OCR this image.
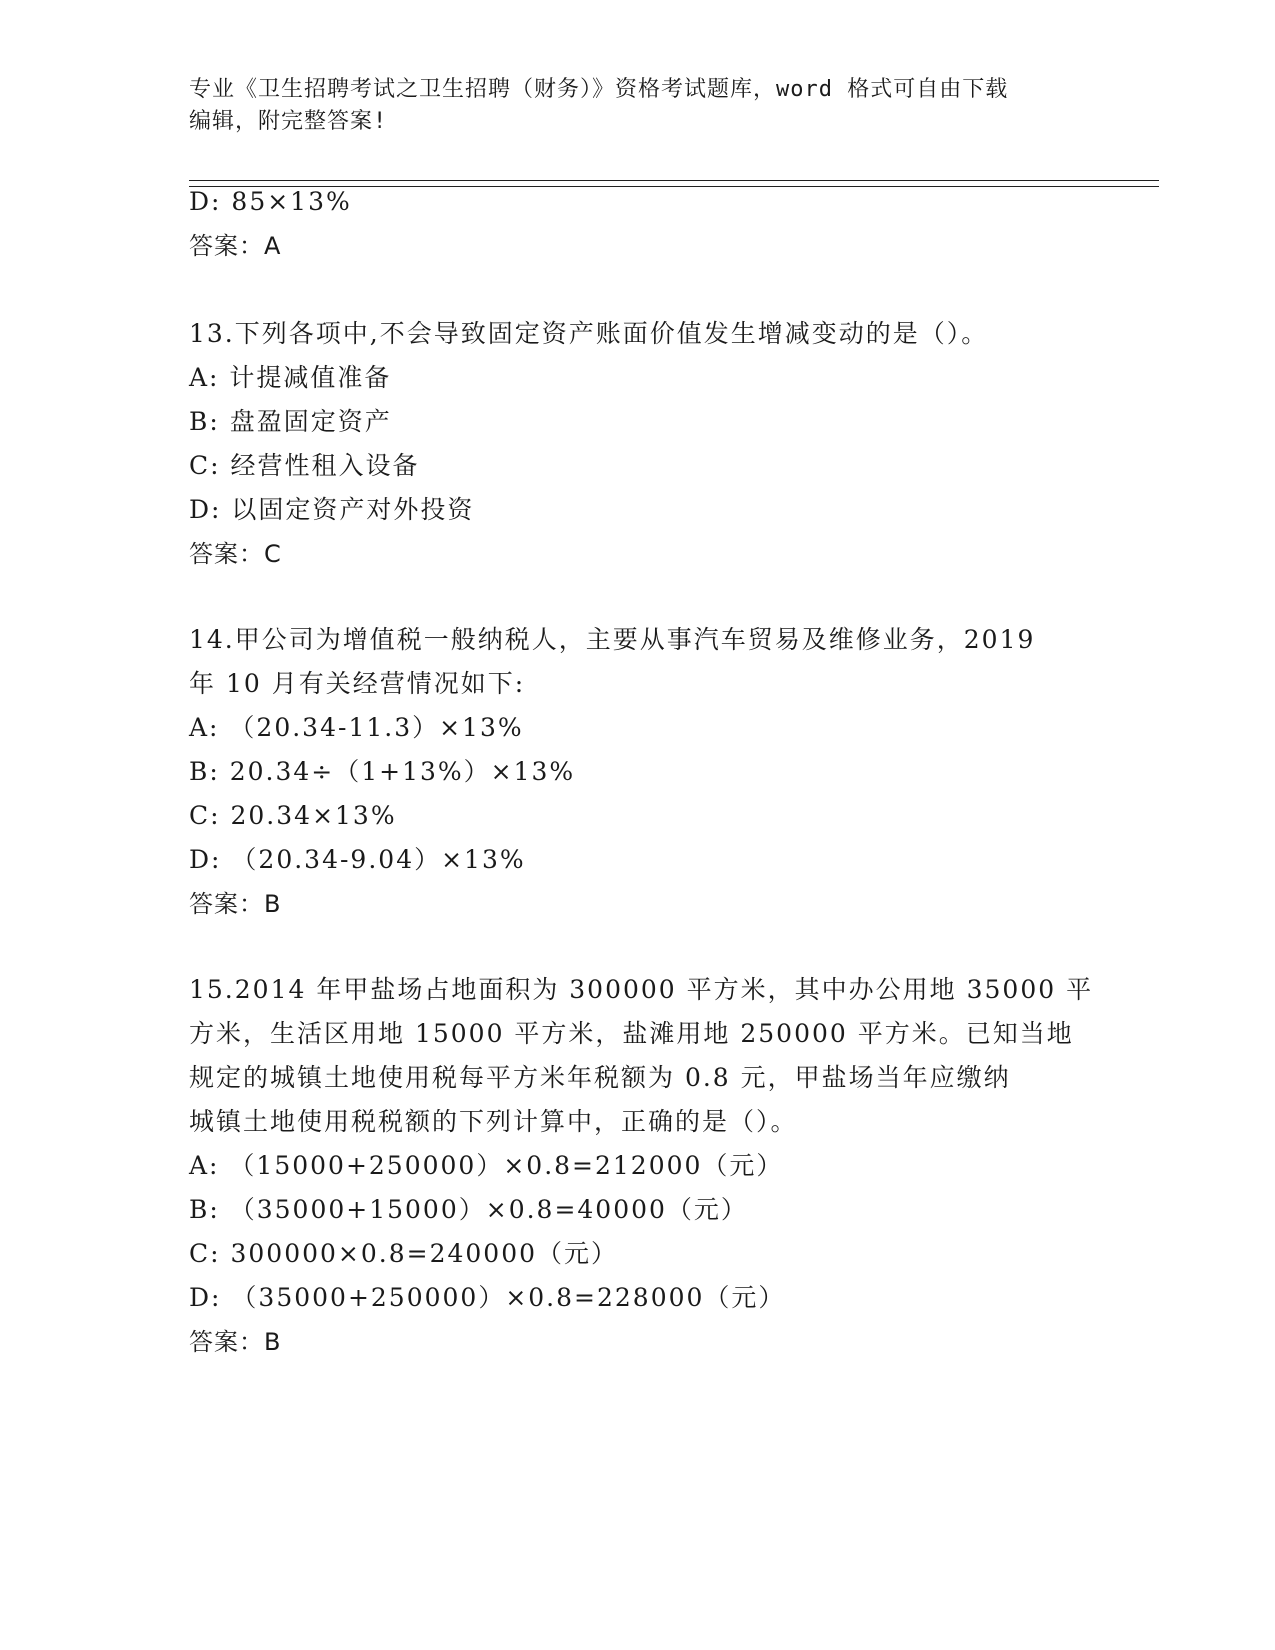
专业《卫生招聘考试之卫生招聘（财务）》资格考试题库，word 格式可自由下载
编辑，附完整答案!
D: 85×13%
答案：A
13.下列各项中,不会导致固定资产账面价值发生增减变动的是（）。
A: 计提减值准备
B: 盘盈固定资产
C: 经营性租入设备
D: 以固定资产对外投资
答案：C
14.甲公司为增值税一般纳税人，主要从事汽车贸易及维修业务，2019
年 10 月有关经营情况如下:
A: （20.34-11.3）×13%
B: 20.34÷（1+13%）×13%
C: 20.34×13%
D: （20.34-9.04）×13%
答案：B
15.2014 年甲盐场占地面积为 300000 平方米，其中办公用地 35000 平
方米，生活区用地 15000 平方米，盐滩用地 250000 平方米。已知当地
规定的城镇土地使用税每平方米年税额为 0.8 元，甲盐场当年应缴纳
城镇土地使用税税额的下列计算中，正确的是（）。
A: （15000+250000）×0.8=212000（元）
B: （35000+15000）×0.8=40000（元）
C: 300000×0.8=240000（元）
D: （35000+250000）×0.8=228000（元）
答案：B
